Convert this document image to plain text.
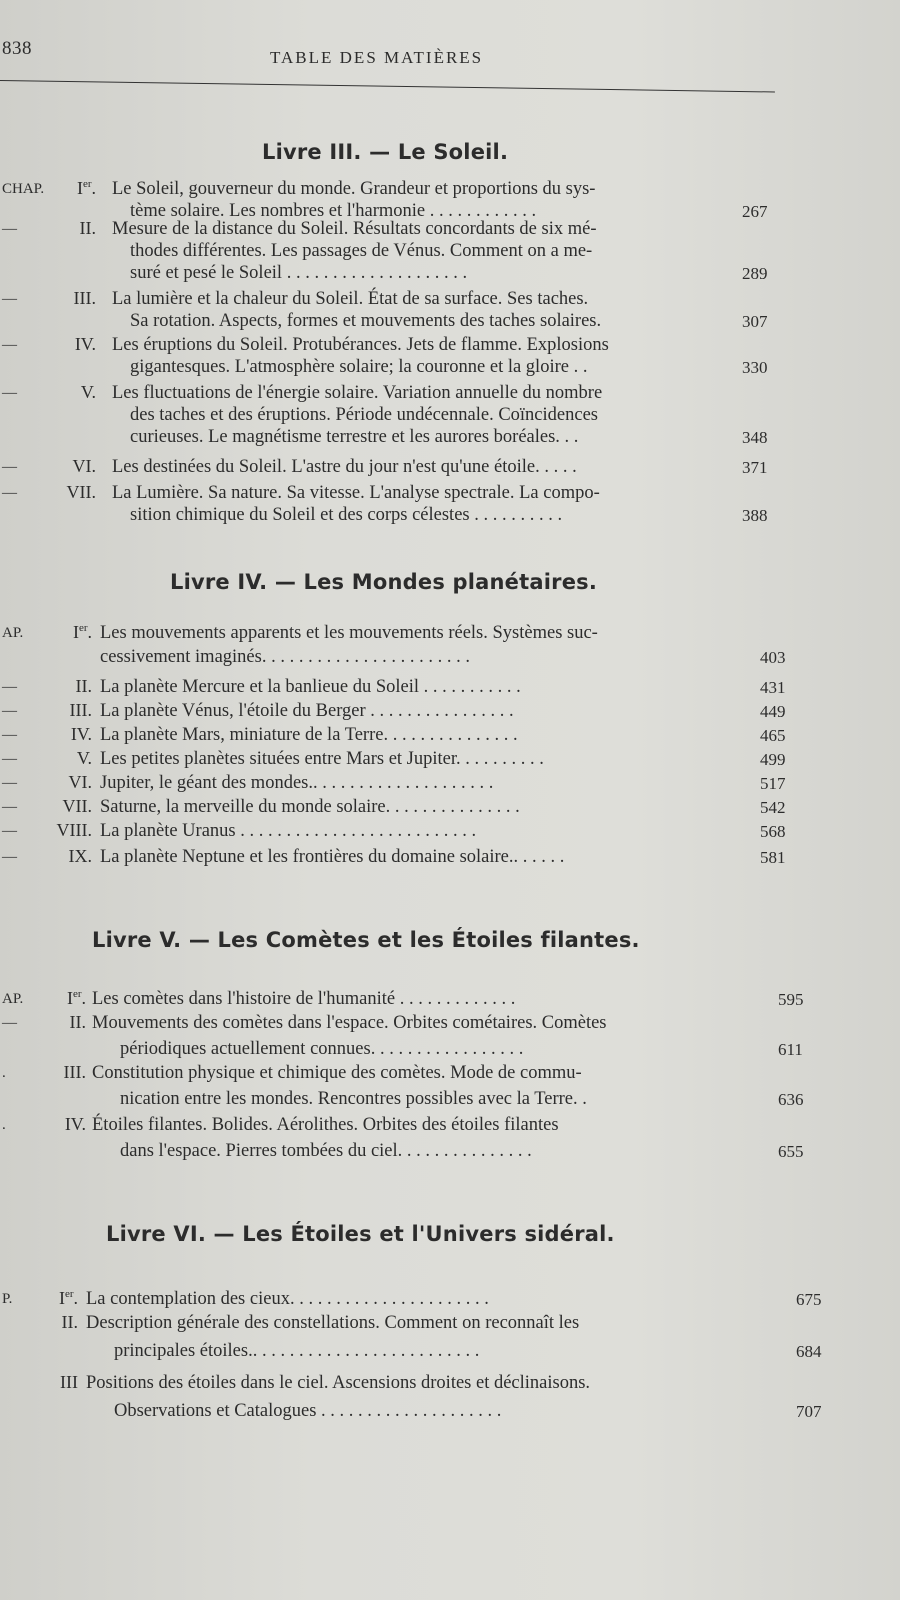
838	TABLE DES MATIÈRES
Livre III. — Le Soleil.
CHAP.	Ier. Le Soleil, gouverneur du monde. Grandeur et proportions du sys-
tème solaire. Les nombres et l'harmonie . . . . . . . . . . . .	267
—	II. Mesure de la distance du Soleil. Résultats concordants de six mé-
thodes différentes. Les passages de Vénus. Comment on a me-
suré et pesé le Soleil . . . . . . . . . . . . . . . . . . . .	289
—	III. La lumière et la chaleur du Soleil. État de sa surface. Ses taches.
Sa rotation. Aspects, formes et mouvements des taches solaires.	307
—	IV. Les éruptions du Soleil. Protubérances. Jets de flamme. Explosions
gigantesques. L'atmosphère solaire; la couronne et la gloire . .	330
—	V. Les fluctuations de l'énergie solaire. Variation annuelle du nombre
des taches et des éruptions. Période undécennale. Coïncidences
curieuses. Le magnétisme terrestre et les aurores boréales. . .	348
—	VI. Les destinées du Soleil. L'astre du jour n'est qu'une étoile. . . . .	371
—	VII. La Lumière. Sa nature. Sa vitesse. L'analyse spectrale. La compo-
sition chimique du Soleil et des corps célestes . . . . . . . . . .	388
Livre IV. — Les Mondes planétaires.
AP.	Ier. Les mouvements apparents et les mouvements réels. Systèmes suc-
cessivement imaginés. . . . . . . . . . . . . . . . . . . . . . .	403
—	II. La planète Mercure et la banlieue du Soleil . . . . . . . . . . .	431
—	III. La planète Vénus, l'étoile du Berger . . . . . . . . . . . . . . . .	449
—	IV. La planète Mars, miniature de la Terre. . . . . . . . . . . . . . .	465
—	V. Les petites planètes situées entre Mars et Jupiter. . . . . . . . . .	499
—	VI. Jupiter, le géant des mondes.. . . . . . . . . . . . . . . . . . . .	517
—	VII. Saturne, la merveille du monde solaire. . . . . . . . . . . . . . .	542
—	VIII. La planète Uranus . . . . . . . . . . . . . . . . . . . . . . . . . .	568
—	IX. La planète Neptune et les frontières du domaine solaire.. . . . . .	581
Livre V. — Les Comètes et les Étoiles filantes.
AP.	Ier. Les comètes dans l'histoire de l'humanité . . . . . . . . . . . . .	595
—	II. Mouvements des comètes dans l'espace. Orbites cométaires. Comètes
périodiques actuellement connues. . . . . . . . . . . . . . . . .	611
.	III. Constitution physique et chimique des comètes. Mode de commu-
nication entre les mondes. Rencontres possibles avec la Terre. .	636
.	IV. Étoiles filantes. Bolides. Aérolithes. Orbites des étoiles filantes
dans l'espace. Pierres tombées du ciel. . . . . . . . . . . . . . .	655
Livre VI. — Les Étoiles et l'Univers sidéral.
P.	Ier. La contemplation des cieux. . . . . . . . . . . . . . . . . . . . . .	675
II. Description générale des constellations. Comment on reconnaît les
principales étoiles.. . . . . . . . . . . . . . . . . . . . . . . . .	684
III Positions des étoiles dans le ciel. Ascensions droites et déclinaisons.
Observations et Catalogues . . . . . . . . . . . . . . . . . . . .	707
